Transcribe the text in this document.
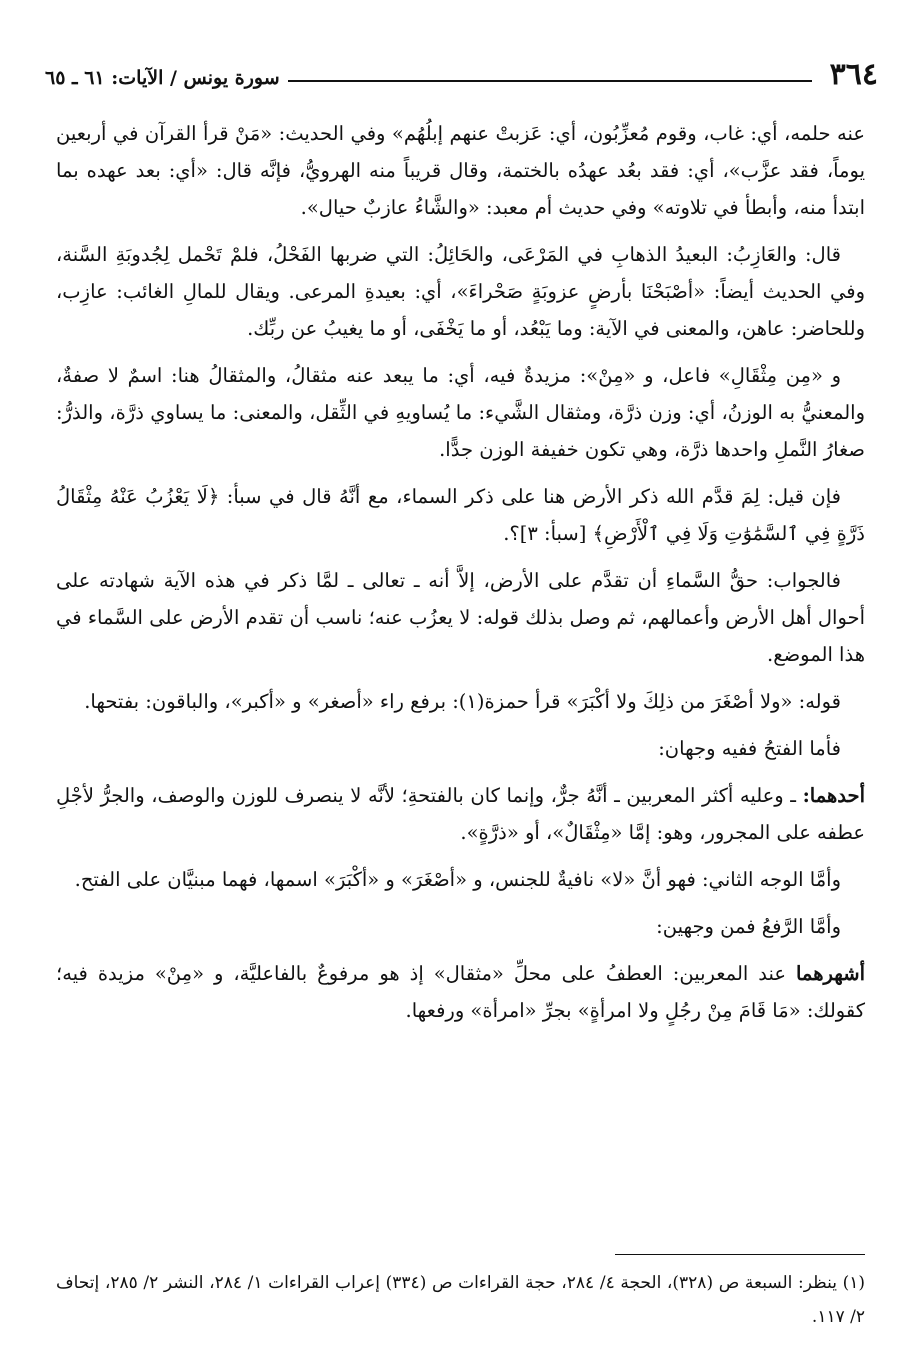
٣٦٤
سورة يونس / الآيات: ٦١ ـ ٦٥

عنه حلمه، أي: غاب، وقوم مُعزِّبُون، أي: عَزبتْ عنهم إبلُهُم» وفي الحديث: «مَنْ قرأ القرآن في أربعين يوماً، فقد عزَّب»، أي: فقد بعُد عهدُه بالختمة، وقال قريباً منه الهرويُّ، فإنَّه قال: «أي: بعد عهده بما ابتدأ منه، وأبطأ في تلاوته» وفي حديث أم معبد: «والشَّاءُ عازبٌ حيال».

قال: والعَازِبُ: البعيدُ الذهابِ في المَرْعَى، والحَائِلُ: التي ضربها الفَحْلُ، فلمْ تَحْمل لِجُدوبَةِ السَّنة، وفي الحديث أيضاً: «أصْبَحْنَا بأرضٍ عزوبَةٍ صَحْراءَ»، أي: بعيدةِ المرعى. ويقال للمالِ الغائب: عازِب، وللحاضر: عاهن، والمعنى في الآية: وما يَبْعُد، أو ما يَخْفَى، أو ما يغيبُ عن ربِّك.

و «مِن مِثْقَالِ» فاعل، و «مِنْ»: مزيدةٌ فيه، أي: ما يبعد عنه مثقالُ، والمثقالُ هنا: اسمٌ لا صفةٌ، والمعنيُّ به الوزنُ، أي: وزن ذرَّة، ومثقال الشَّيء: ما يُساويهِ في الثِّقل، والمعنى: ما يساوي ذرَّة، والذرُّ: صغارُ النَّملِ واحدها ذرَّة، وهي تكون خفيفة الوزن جدًّا.

فإن قيل: لِمَ قدَّم الله ذكر الأرض هنا على ذكر السماء، مع أنَّهُ قال في سبأ: ﴿لَا يَعْزُبُ عَنْهُ مِثْقَالُ ذَرَّةٍ فِي ٱلسَّمَٰوَٰتِ وَلَا فِي ٱلْأَرْضِ﴾ [سبأ: ٣]؟.

فالجواب: حقُّ السَّماءِ أن تقدَّم على الأرض، إلاَّ أنه ـ تعالى ـ لمَّا ذكر في هذه الآية شهادته على أحوال أهل الأرض وأعمالهم، ثم وصل بذلك قوله: لا يعزُب عنه؛ ناسب أن تقدم الأرض على السَّماء في هذا الموضع.

قوله: «ولا أصْغَرَ من ذلِكَ ولا أكْبَرَ» قرأ حمزة(١): برفع راء «أصغر» و «أكبر»، والباقون: بفتحها.

فأما الفتحُ ففيه وجهان:

أحدهما: ـ وعليه أكثر المعربين ـ أنَّهُ جرٌّ، وإنما كان بالفتحةِ؛ لأنَّه لا ينصرف للوزن والوصف، والجرُّ لأجْلِ عطفه على المجرور، وهو: إمَّا «مِثْقَالٌ»، أو «ذرَّةٍ».

وأمَّا الوجه الثاني: فهو أنَّ «لا» نافيةٌ للجنس، و «أصْغَرَ» و «أكْبَرَ» اسمها، فهما مبنيَّان على الفتح.

وأمَّا الرَّفعُ فمن وجهين:

أشهرهما عند المعربين: العطفُ على محلِّ «مثقال» إذ هو مرفوعٌ بالفاعليَّة، و «مِنْ» مزيدة فيه؛ كقولك: «مَا قَامَ مِنْ رجُلٍ ولا امرأةٍ» بجرِّ «امرأة» ورفعها.

(١) ينظر: السبعة ص (٣٢٨)، الحجة ٤/ ٢٨٤، حجة القراءات ص (٣٣٤) إعراب القراءات ١/ ٢٨٤، النشر ٢/ ٢٨٥، إتحاف ٢/ ١١٧.
